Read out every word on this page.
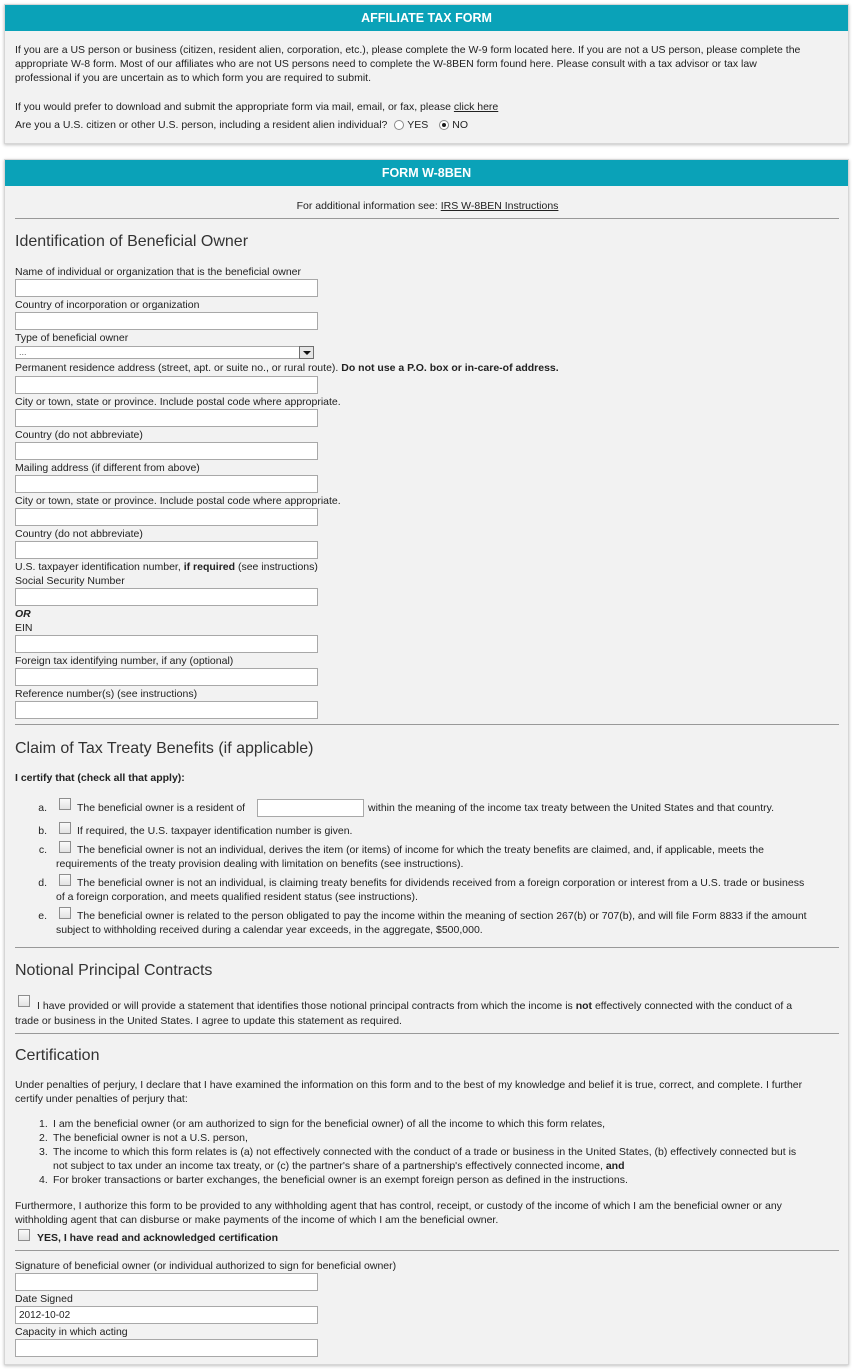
AFFILIATE TAX FORM
If you are a US person or business (citizen, resident alien, corporation, etc.), please complete the W-9 form located here. If you are not a US person, please complete the
appropriate W-8 form. Most of our affiliates who are not US persons need to complete the W-8BEN form found here. Please consult with a tax advisor or tax law
professional if you are uncertain as to which form you are required to submit.
If you would prefer to download and submit the appropriate form via mail, email, or fax, please click here
Are you a U.S. citizen or other U.S. person, including a resident alien individual? YES NO
FORM W-8BEN
For additional information see: IRS W-8BEN Instructions
Identification of Beneficial Owner
Name of individual or organization that is the beneficial owner
Country of incorporation or organization
Type of beneficial owner
...
Permanent residence address (street, apt. or suite no., or rural route). Do not use a P.O. box or in-care-of address.
City or town, state or province. Include postal code where appropriate.
Country (do not abbreviate)
Mailing address (if different from above)
City or town, state or province. Include postal code where appropriate.
Country (do not abbreviate)
U.S. taxpayer identification number, if required (see instructions)
Social Security Number
OR
EIN
Foreign tax identifying number, if any (optional)
Reference number(s) (see instructions)
Claim of Tax Treaty Benefits (if applicable)
I certify that (check all that apply):
a.	The beneficial owner is a resident of	within the meaning of the income tax treaty between the United States and that country.
b.	If required, the U.S. taxpayer identification number is given.
c.	The beneficial owner is not an individual, derives the item (or items) of income for which the treaty benefits are claimed, and, if applicable, meets the
requirements of the treaty provision dealing with limitation on benefits (see instructions).
d.	The beneficial owner is not an individual, is claiming treaty benefits for dividends received from a foreign corporation or interest from a U.S. trade or business
of a foreign corporation, and meets qualified resident status (see instructions).
e.	The beneficial owner is related to the person obligated to pay the income within the meaning of section 267(b) or 707(b), and will file Form 8833 if the amount
subject to withholding received during a calendar year exceeds, in the aggregate, $500,000.
Notional Principal Contracts
I have provided or will provide a statement that identifies those notional principal contracts from which the income is not effectively connected with the conduct of a
trade or business in the United States. I agree to update this statement as required.
Certification
Under penalties of perjury, I declare that I have examined the information on this form and to the best of my knowledge and belief it is true, correct, and complete. I further
certify under penalties of perjury that:
1. I am the beneficial owner (or am authorized to sign for the beneficial owner) of all the income to which this form relates,
2. The beneficial owner is not a U.S. person,
3. The income to which this form relates is (a) not effectively connected with the conduct of a trade or business in the United States, (b) effectively connected but is
not subject to tax under an income tax treaty, or (c) the partner's share of a partnership's effectively connected income, and
4. For broker transactions or barter exchanges, the beneficial owner is an exempt foreign person as defined in the instructions.
Furthermore, I authorize this form to be provided to any withholding agent that has control, receipt, or custody of the income of which I am the beneficial owner or any
withholding agent that can disburse or make payments of the income of which I am the beneficial owner.
YES, I have read and acknowledged certification
Signature of beneficial owner (or individual authorized to sign for beneficial owner)
Date Signed
2012-10-02
Capacity in which acting
